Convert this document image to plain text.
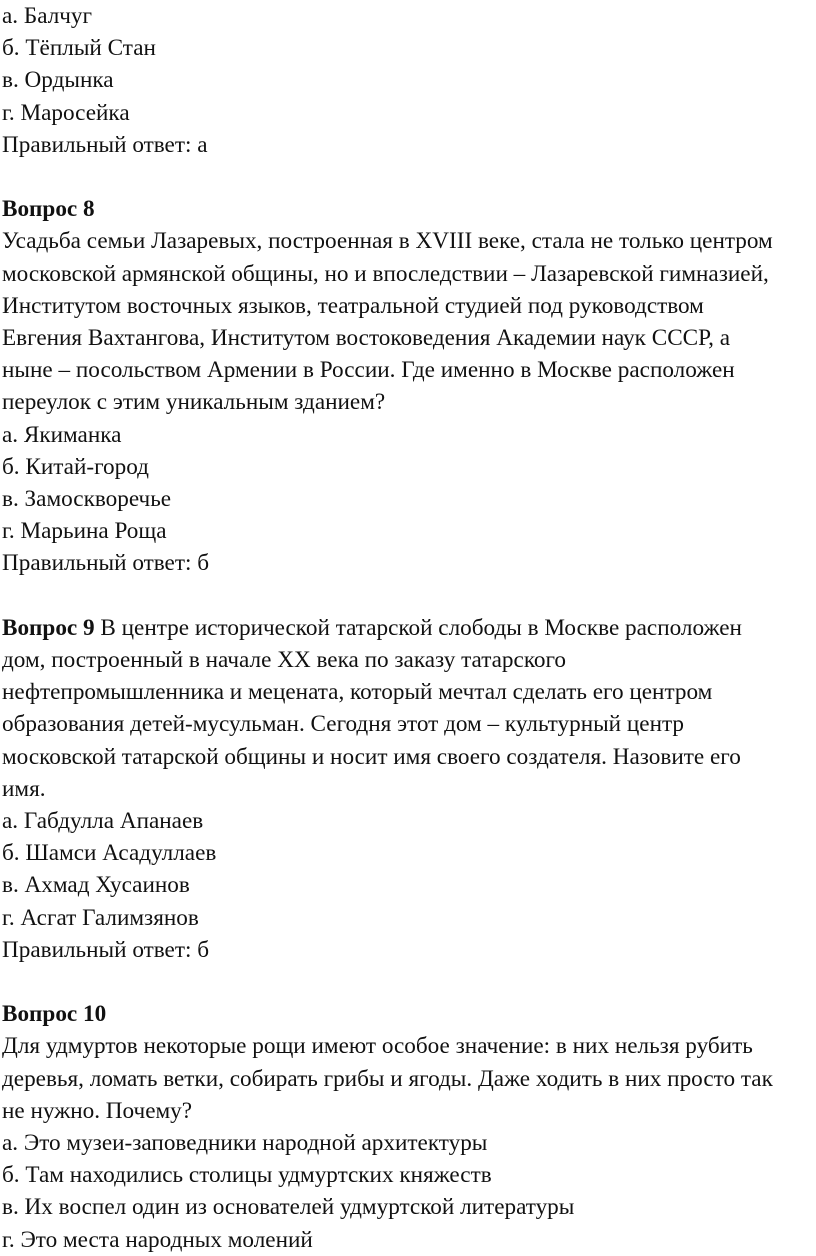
а. Балчуг
б. Тёплый Стан
в. Ордынка
г. Маросейка
Правильный ответ: а
Вопрос 8
Усадьба семьи Лазаревых, построенная в XVIII веке, стала не только центром
московской армянской общины, но и впоследствии – Лазаревской гимназией,
Институтом восточных языков, театральной студией под руководством
Евгения Вахтангова, Институтом востоковедения Академии наук СССР, а
ныне – посольством Армении в России. Где именно в Москве расположен
переулок с этим уникальным зданием?
а. Якиманка
б. Китай-город
в. Замоскворечье
г. Марьина Роща
Правильный ответ: б
Вопрос 9 В центре исторической татарской слободы в Москве расположен
дом, построенный в начале XX века по заказу татарского
нефтепромышленника и мецената, который мечтал сделать его центром
образования детей-мусульман. Сегодня этот дом – культурный центр
московской татарской общины и носит имя своего создателя. Назовите его
имя.
а. Габдулла Апанаев
б. Шамси Асадуллаев
в. Ахмад Хусаинов
г. Асгат Галимзянов
Правильный ответ: б
Вопрос 10
Для удмуртов некоторые рощи имеют особое значение: в них нельзя рубить
деревья, ломать ветки, собирать грибы и ягоды. Даже ходить в них просто так
не нужно. Почему?
а. Это музеи-заповедники народной архитектуры
б. Там находились столицы удмуртских княжеств
в. Их воспел один из основателей удмуртской литературы
г. Это места народных молений
